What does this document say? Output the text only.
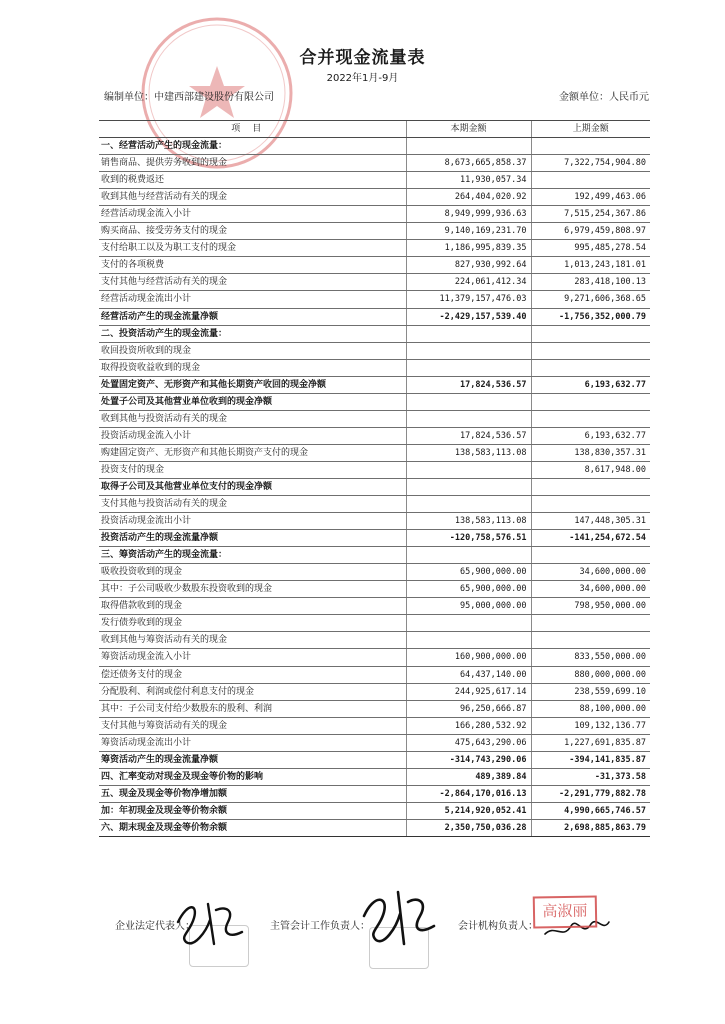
合并现金流量表
2022年1月-9月
编制单位：中建西部建设股份有限公司	金额单位：人民币元
项目	本期金额	上期金额
一、经营活动产生的现金流量：		
销售商品、提供劳务收到的现金	8,673,665,858.37	7,322,754,904.80
收到的税费返还	11,930,057.34	
收到其他与经营活动有关的现金	264,404,020.92	192,499,463.06
经营活动现金流入小计	8,949,999,936.63	7,515,254,367.86
购买商品、接受劳务支付的现金	9,140,169,231.70	6,979,459,808.97
支付给职工以及为职工支付的现金	1,186,995,839.35	995,485,278.54
支付的各项税费	827,930,992.64	1,013,243,181.01
支付其他与经营活动有关的现金	224,061,412.34	283,418,100.13
经营活动现金流出小计	11,379,157,476.03	9,271,606,368.65
经营活动产生的现金流量净额	-2,429,157,539.40	-1,756,352,000.79
二、投资活动产生的现金流量：		
收回投资所收到的现金		
取得投资收益收到的现金		
处置固定资产、无形资产和其他长期资产收回的现金净额	17,824,536.57	6,193,632.77
处置子公司及其他营业单位收到的现金净额		
收到其他与投资活动有关的现金		
投资活动现金流入小计	17,824,536.57	6,193,632.77
购建固定资产、无形资产和其他长期资产支付的现金	138,583,113.08	138,830,357.31
投资支付的现金		8,617,948.00
取得子公司及其他营业单位支付的现金净额		
支付其他与投资活动有关的现金		
投资活动现金流出小计	138,583,113.08	147,448,305.31
投资活动产生的现金流量净额	-120,758,576.51	-141,254,672.54
三、筹资活动产生的现金流量：		
吸收投资收到的现金	65,900,000.00	34,600,000.00
其中：子公司吸收少数股东投资收到的现金	65,900,000.00	34,600,000.00
取得借款收到的现金	95,000,000.00	798,950,000.00
发行债券收到的现金		
收到其他与筹资活动有关的现金		
筹资活动现金流入小计	160,900,000.00	833,550,000.00
偿还债务支付的现金	64,437,140.00	880,000,000.00
分配股利、利润或偿付利息支付的现金	244,925,617.14	238,559,699.10
其中：子公司支付给少数股东的股利、利润	96,250,666.87	88,100,000.00
支付其他与筹资活动有关的现金	166,280,532.92	109,132,136.77
筹资活动现金流出小计	475,643,290.06	1,227,691,835.87
筹资活动产生的现金流量净额	-314,743,290.06	-394,141,835.87
四、汇率变动对现金及现金等价物的影响	489,389.84	-31,373.58
五、现金及现金等价物净增加额	-2,864,170,016.13	-2,291,779,882.78
加：年初现金及现金等价物余额	5,214,920,052.41	4,990,665,746.57
六、期末现金及现金等价物余额	2,350,750,036.28	2,698,885,863.79
企业法定代表人：	主管会计工作负责人：	会计机构负责人：
高淑丽
